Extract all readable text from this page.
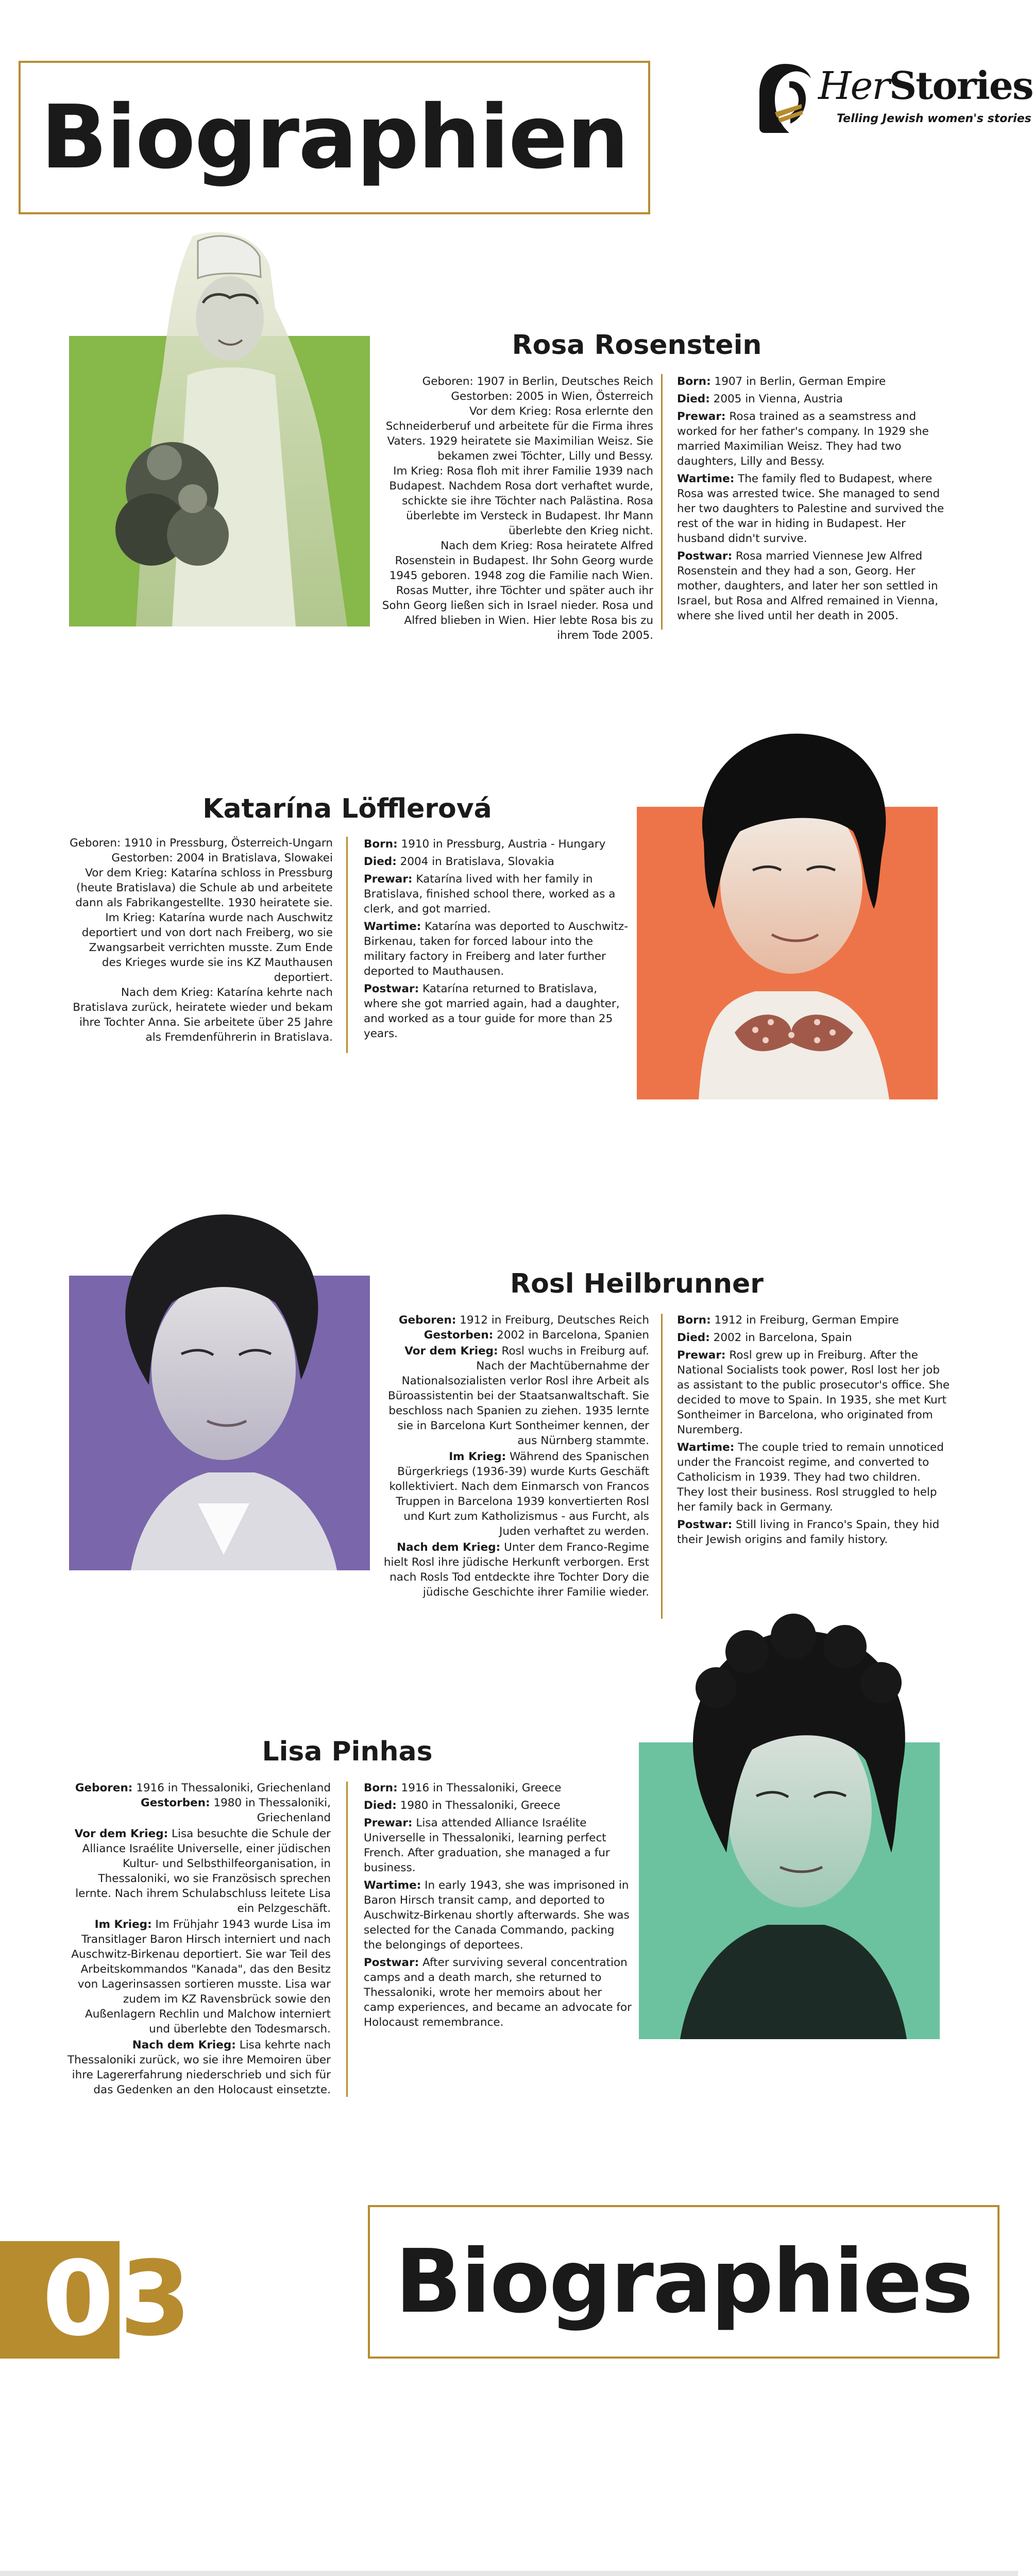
Biographien
HerStories
Telling Jewish women's stories
Rosa Rosenstein

Geboren: 1907 in Berlin, Deutsches Reich

Gestorben: 2005 in Wien, Österreich

Vor dem Krieg: Rosa erlernte den Schneiderberuf und arbeitete für die Firma ihres Vaters. 1929 heiratete sie Maximilian Weisz. Sie bekamen zwei Töchter, Lilly und Bessy.

Im Krieg: Rosa floh mit ihrer Familie 1939 nach Budapest. Nachdem Rosa dort verhaftet wurde, schickte sie ihre Töchter nach Palästina. Rosa überlebte im Versteck in Budapest. Ihr Mann überlebte den Krieg nicht.

Nach dem Krieg: Rosa heiratete Alfred Rosenstein in Budapest. Ihr Sohn Georg wurde 1945 geboren. 1948 zog die Familie nach Wien. Rosas Mutter, ihre Töchter und später auch ihr Sohn Georg ließen sich in Israel nieder. Rosa und Alfred blieben in Wien. Hier lebte Rosa bis zu ihrem Tode 2005.

Born: 1907 in Berlin, German Empire

Died: 2005 in Vienna, Austria

Prewar: Rosa trained as a seamstress and worked for her father's company. In 1929 she married Maximilian Weisz. They had two daughters, Lilly and Bessy.

Wartime: The family fled to Budapest, where Rosa was arrested twice. She managed to send her two daughters to Palestine and survived the rest of the war in hiding in Budapest. Her husband didn't survive.

Postwar: Rosa married Viennese Jew Alfred Rosenstein and they had a son, Georg. Her mother, daughters, and later her son settled in Israel, but Rosa and Alfred remained in Vienna, where she lived until her death in 2005.

Katarína Löfflerová

Geboren: 1910 in Pressburg, Österreich-Ungarn

Gestorben: 2004 in Bratislava, Slowakei

Vor dem Krieg: Katarína schloss in Pressburg (heute Bratislava) die Schule ab und arbeitete dann als Fabrikangestellte. 1930 heiratete sie.

Im Krieg: Katarína wurde nach Auschwitz deportiert und von dort nach Freiberg, wo sie Zwangsarbeit verrichten musste. Zum Ende des Krieges wurde sie ins KZ Mauthausen deportiert.

Nach dem Krieg: Katarína kehrte nach Bratislava zurück, heiratete wieder und bekam ihre Tochter Anna. Sie arbeitete über 25 Jahre als Fremdenführerin in Bratislava.

Born: 1910 in Pressburg, Austria - Hungary

Died: 2004 in Bratislava, Slovakia

Prewar: Katarína lived with her family in Bratislava, finished school there, worked as a clerk, and got married.

Wartime: Katarína was deported to Auschwitz-Birkenau, taken for forced labour into the military factory in Freiberg and later further deported to Mauthausen.

Postwar: Katarína returned to Bratislava, where she got married again, had a daughter, and worked as a tour guide for more than 25 years.

Rosl Heilbrunner

Geboren: 1912 in Freiburg, Deutsches Reich

Gestorben: 2002 in Barcelona, Spanien

Vor dem Krieg: Rosl wuchs in Freiburg auf. Nach der Machtübernahme der Nationalsozialisten verlor Rosl ihre Arbeit als Büroassistentin bei der Staatsanwaltschaft. Sie beschloss nach Spanien zu ziehen. 1935 lernte sie in Barcelona Kurt Sontheimer kennen, der aus Nürnberg stammte.

Im Krieg: Während des Spanischen Bürgerkriegs (1936-39) wurde Kurts Geschäft kollektiviert. Nach dem Einmarsch von Francos Truppen in Barcelona 1939 konvertierten Rosl und Kurt zum Katholizismus - aus Furcht, als Juden verhaftet zu werden.

Nach dem Krieg: Unter dem Franco-Regime hielt Rosl ihre jüdische Herkunft verborgen. Erst nach Rosls Tod entdeckte ihre Tochter Dory die jüdische Geschichte ihrer Familie wieder.

Born: 1912 in Freiburg, German Empire

Died: 2002 in Barcelona, Spain

Prewar: Rosl grew up in Freiburg. After the National Socialists took power, Rosl lost her job as assistant to the public prosecutor's office. She decided to move to Spain. In 1935, she met Kurt Sontheimer in Barcelona, who originated from Nuremberg.

Wartime: The couple tried to remain unnoticed under the Francoist regime, and converted to Catholicism in 1939. They had two children. They lost their business. Rosl struggled to help her family back in Germany.

Postwar: Still living in Franco's Spain, they hid their Jewish origins and family history.

Lisa Pinhas

Geboren: 1916 in Thessaloniki, Griechenland

Gestorben: 1980 in Thessaloniki, Griechenland

Vor dem Krieg: Lisa besuchte die Schule der Alliance Israélite Universelle, einer jüdischen Kultur- und Selbsthilfeorganisation, in Thessaloniki, wo sie Französisch sprechen lernte. Nach ihrem Schulabschluss leitete Lisa ein Pelzgeschäft.

Im Krieg: Im Frühjahr 1943 wurde Lisa im Transitlager Baron Hirsch interniert und nach Auschwitz-Birkenau deportiert. Sie war Teil des Arbeitskommandos "Kanada", das den Besitz von Lagerinsassen sortieren musste. Lisa war zudem im KZ Ravensbrück sowie den Außenlagern Rechlin und Malchow interniert und überlebte den Todesmarsch.

Nach dem Krieg: Lisa kehrte nach Thessaloniki zurück, wo sie ihre Memoiren über ihre Lagererfahrung niederschrieb und sich für das Gedenken an den Holocaust einsetzte.

Born: 1916 in Thessaloniki, Greece

Died: 1980 in Thessaloniki, Greece

Prewar: Lisa attended Alliance Israélite Universelle in Thessaloniki, learning perfect French. After graduation, she managed a fur business.

Wartime: In early 1943, she was imprisoned in Baron Hirsch transit camp, and deported to Auschwitz-Birkenau shortly afterwards. She was selected for the Canada Commando, packing the belongings of deportees.

Postwar: After surviving several concentration camps and a death march, she returned to Thessaloniki, wrote her memoirs about her camp experiences, and became an advocate for Holocaust remembrance.

0 3 Biographies
